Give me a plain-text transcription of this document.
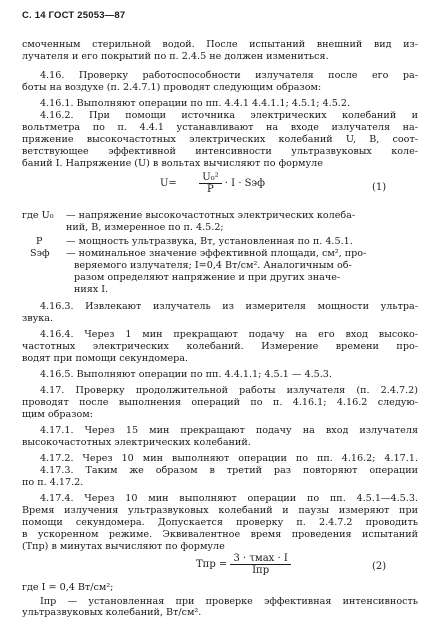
С. 14 ГОСТ 25053—87
смоченным стерильной водой. После испытаний внешний вид из-
лучателя и его покрытий по п. 2.4.5 не должен измениться.
4.16. Проверку работоспособности излучателя после его ра-
боты на воздухе (п. 2.4.7.1) проводят следующим образом:
4.16.1. Выполняют операции по пп. 4.4.1 4.4.1.1; 4.5.1; 4.5.2.
4.16.2. При помощи источника электрических колебаний и
вольтметра по п. 4.4.1 устанавливают на входе излучателя на-
пряжение высокочастотных электрических колебаний U, В, соот-
ветствующее эффективной интенсивности ультразвуковых коле-
баний I. Напряжение (U) в вольтах вычисляют по формуле
$U= \frac{\text{U₀²}}{P} \cdot I$ · Sэф	(1)
где U₀ — напряжение высокочастотных электрических колеба-
ний, В, измеренное по п. 4.5.2;
P — мощность ультразвука, Вт, установленная по п. 4.5.1.
Sэф — номинальное значение эффективной площади, см², про-
веряемого излучателя; I=0,4 Вт/см². Аналогичным об-
разом определяют напряжение и при других значе-
ниях I.
4.16.3. Извлекают излучатель из измерителя мощности ультра-
звука.
4.16.4. Через 1 мин прекращают подачу на его вход высоко-
частотных электрических колебаний. Измерение времени про-
водят при помощи секундомера.
4.16.5. Выполняют операции по пп. 4.4.1.1; 4.5.1 — 4.5.3.
4.17. Проверку продолжительной работы излучателя (п. 2.4.7.2)
проводят после выполнения операций по п. 4.16.1; 4.16.2 следую-
щим образом:
4.17.1. Через 15 мин прекращают подачу на вход излучателя
высокочастотных электрических колебаний.
4.17.2. Через 10 мин выполняют операции по пп. 4.16.2; 4.17.1.
4.17.3. Таким же образом в третий раз повторяют операции
по п. 4.17.2.
4.17.4. Через 10 мин выполняют операции по пп. 4.5.1—4.5.3.
Время излучения ультразвуковых колебаний и паузы измеряют при
помощи секундомера. Допускается проверку п. 2.4.7.2 проводить
в ускоренном режиме. Эквивалентное время проведения испытаний
(Tпр) в минутах вычисляют по формуле
Tпр = $\frac{\text{3 · τмах · I}}{\text{Iпр}}$	(2)
где I = 0,4 Вт/см²;
Iпр — установленная при проверке эффективная интенсивность
ультразвуковых колебаний, Вт/см².
